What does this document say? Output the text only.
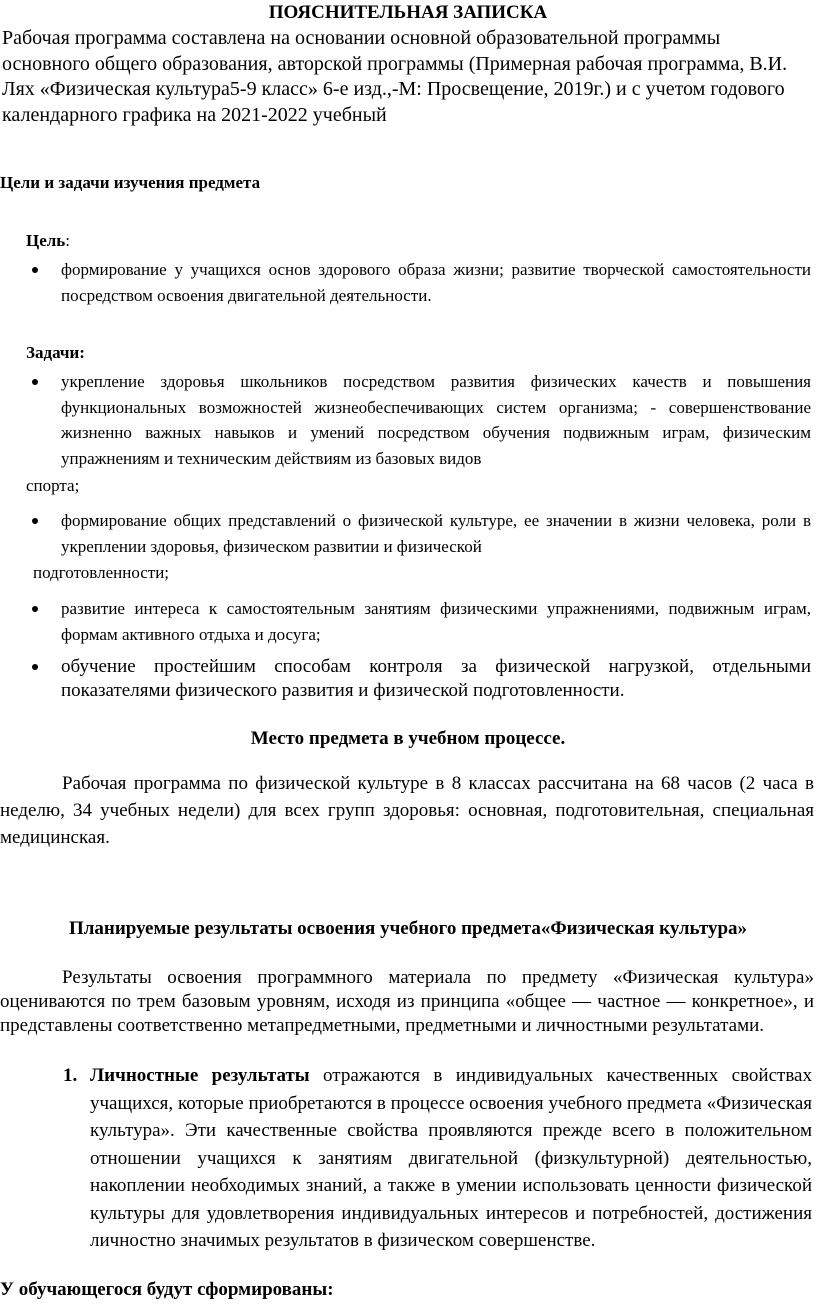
ПОЯСНИТЕЛЬНАЯ ЗАПИСКА
Рабочая программа составлена на основании основной образовательной программы основного общего образования, авторской программы (Примерная рабочая программа, В.И. Лях «Физическая культура5-9 класс» 6-е изд.,-М: Просвещение, 2019г.) и с учетом годового календарного графика на 2021-2022 учебный
Цели и задачи изучения предмета
Цель:
формирование у учащихся основ здорового образа жизни; развитие творческой самостоятельности посредством освоения двигательной деятельности.
Задачи:
укрепление здоровья школьников посредством развития физических качеств и повышения функциональных возможностей жизнеобеспечивающих систем организма; - совершенствование жизненно важных навыков и умений посредством обучения подвижным играм, физическим упражнениям и техническим действиям из базовых видов
спорта;
формирование общих представлений о физической культуре, ее значении в жизни человека, роли в укреплении здоровья, физическом развитии и физической
подготовленности;
развитие интереса к самостоятельным занятиям физическими упражнениями, подвижным играм, формам активного отдыха и досуга;
обучение простейшим способам контроля за физической нагрузкой, отдельными показателями физического развития и физической подготовленности.
Место предмета в учебном процессе.
Рабочая программа по физической культуре в 8 классах рассчитана на 68 часов (2 часа в неделю, 34 учебных недели) для всех групп здоровья: основная, подготовительная, специальная медицинская.
Планируемые результаты освоения учебного предмета«Физическая культура»
Результаты освоения программного материала по предмету «Физическая культура» оцениваются по трем базовым уровням, исходя из принципа «общее — частное — конкретное», и представлены соответственно метапредметными, предметными и личностными результатами.
1. Личностные результаты отражаются в индивидуальных качественных свойствах учащихся, которые приобретаются в процессе освоения учебного предмета «Физическая культура». Эти качественные свойства проявляются прежде всего в положительном отношении учащихся к занятиям двигательной (физкультурной) деятельностью, накоплении необходимых знаний, а также в умении использовать ценности физической культуры для удовлетворения индивидуальных интересов и потребностей, достижения личностно значимых результатов в физическом совершенстве.
У обучающегося будут сформированы:
